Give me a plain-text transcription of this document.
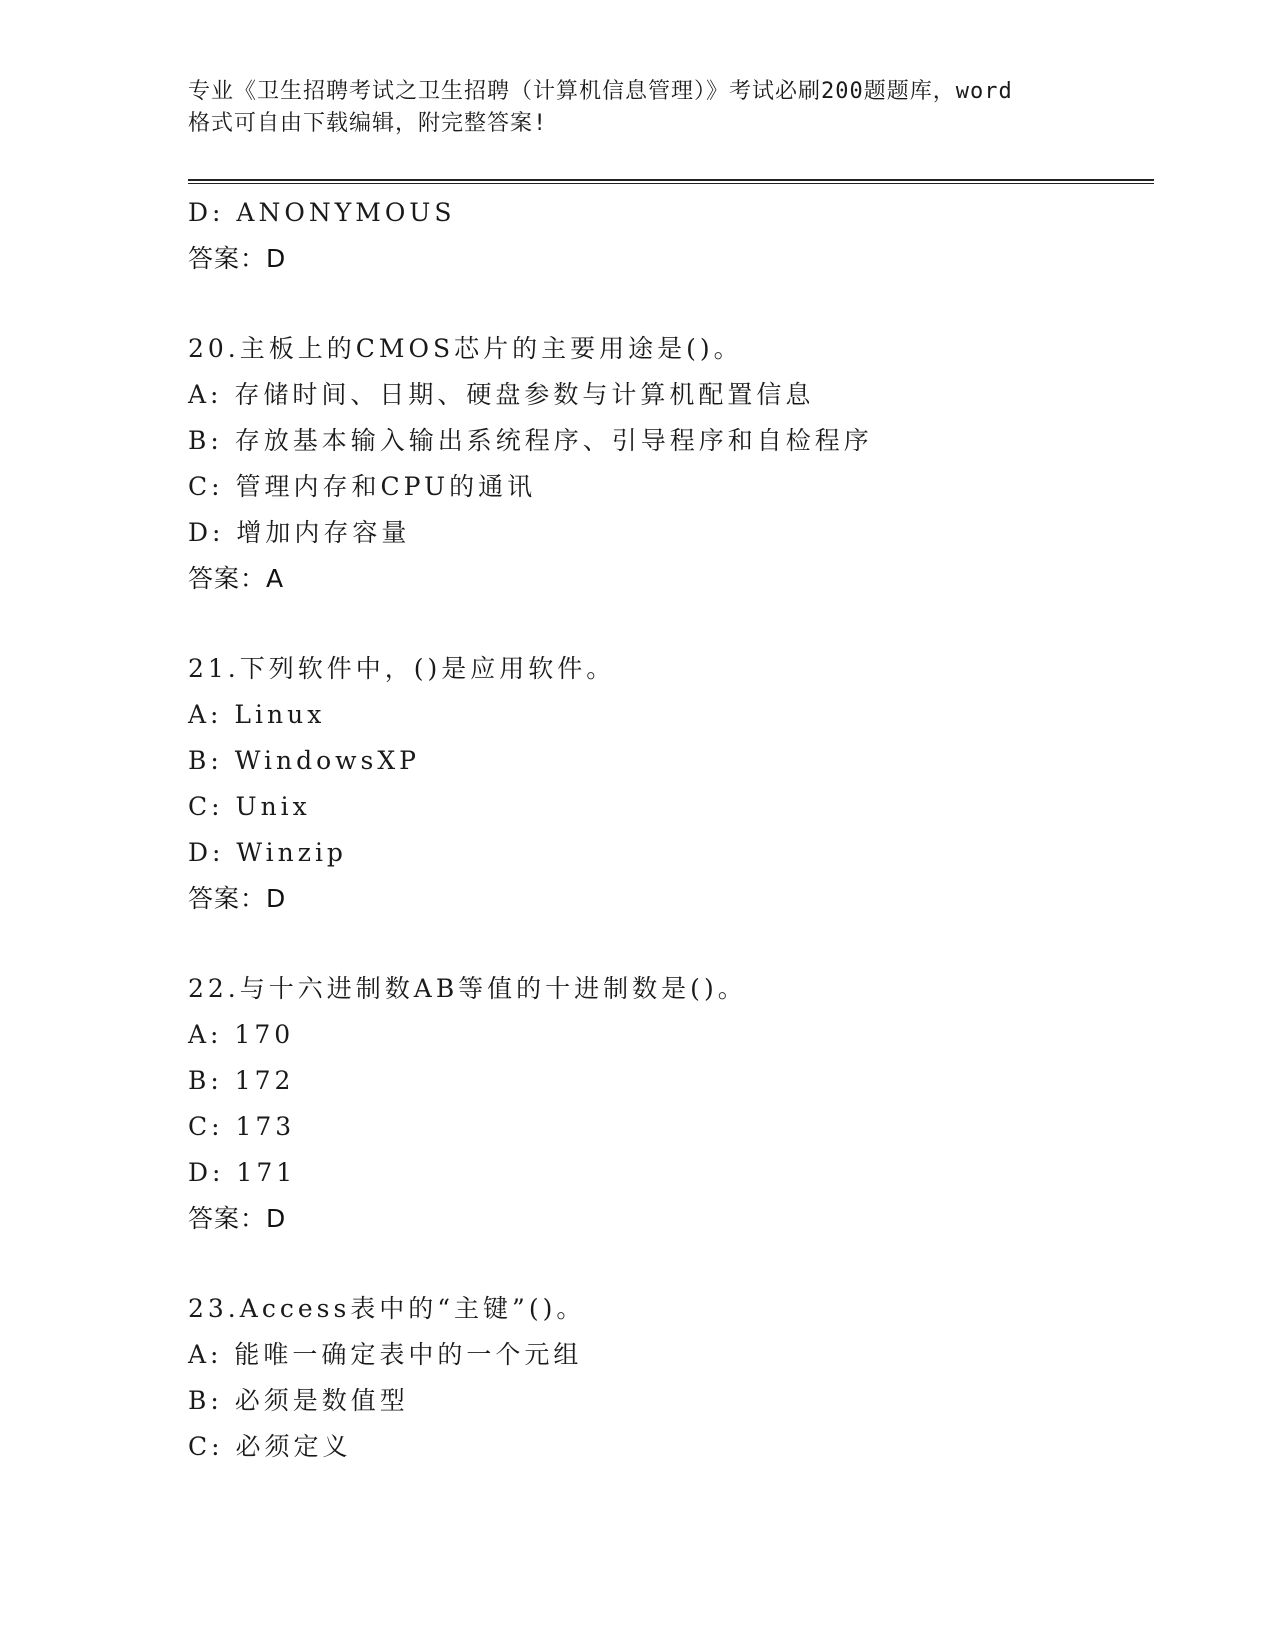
专业《卫生招聘考试之卫生招聘（计算机信息管理）》考试必刷200题题库，word
格式可自由下载编辑，附完整答案!
D: ANONYMOUS
答案：D
20.主板上的CMOS芯片的主要用途是()。
A: 存储时间、日期、硬盘参数与计算机配置信息
B: 存放基本输入输出系统程序、引导程序和自检程序
C: 管理内存和CPU的通讯
D: 增加内存容量
答案：A
21.下列软件中，()是应用软件。
A: Linux
B: WindowsXP
C: Unix
D: Winzip
答案：D
22.与十六进制数AB等值的十进制数是()。
A: 170
B: 172
C: 173
D: 171
答案：D
23.Access表中的“主键”()。
A: 能唯一确定表中的一个元组
B: 必须是数值型
C: 必须定义
